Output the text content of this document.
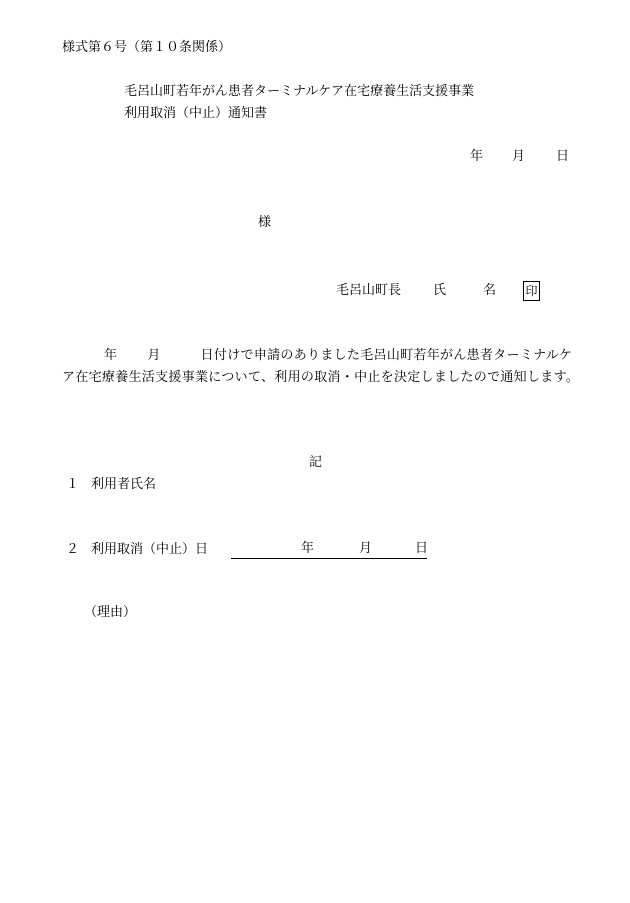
様式第６号（第１０条関係）
毛呂山町若年がん患者ターミナルケア在宅療養生活支援事業
利用取消（中止）通知書
年 月 日
様
毛呂山町長 氏	名 印
年 月	日付けで申請のありました毛呂山町若年がん患者ターミナルケア在宅療養生活支援事業について、利用の取消・中止を決定しましたので通知します。
記
１ 利用者氏名
２ 利用取消（中止）日	年	月	日
（理由）
